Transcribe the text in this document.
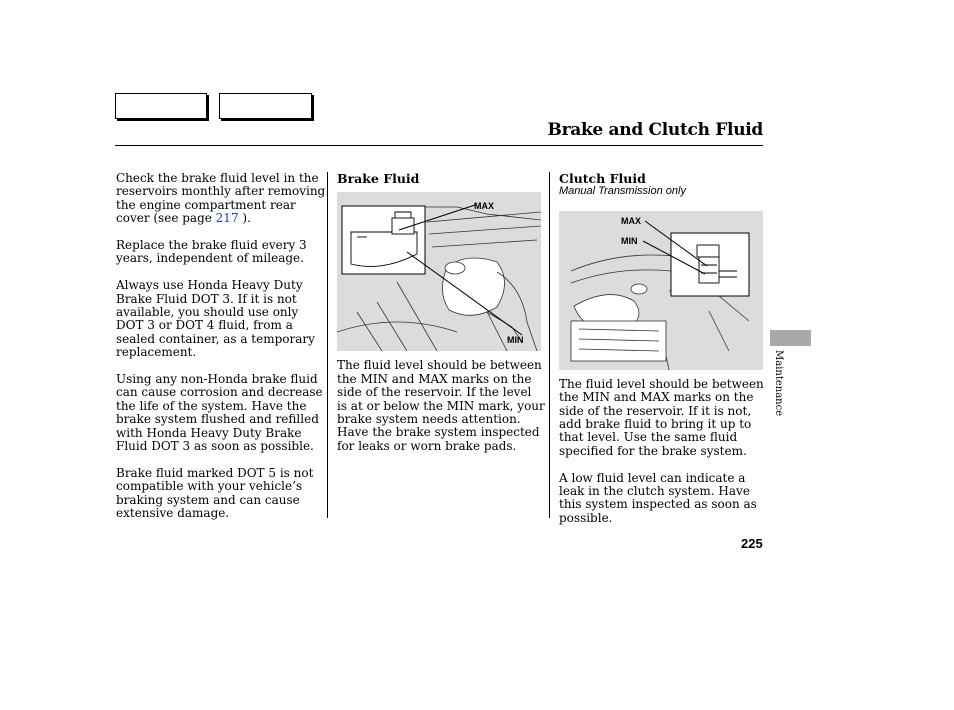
Brake and Clutch Fluid

Check the brake fluid level in the reservoirs monthly after removing the engine compartment rear cover (see page 217 ).

Replace the brake fluid every 3 years, independent of mileage.

Always use Honda Heavy Duty Brake Fluid DOT 3. If it is not available, you should use only DOT 3 or DOT 4 fluid, from a sealed container, as a temporary replacement.

Using any non-Honda brake fluid can cause corrosion and decrease the life of the system. Have the brake system flushed and refilled with Honda Heavy Duty Brake Fluid DOT 3 as soon as possible.

Brake fluid marked DOT 5 is not compatible with your vehicle’s braking system and can cause extensive damage.

Brake Fluid
MAX
MIN

The fluid level should be between the MIN and MAX marks on the side of the reservoir. If the level is at or below the MIN mark, your brake system needs attention. Have the brake system inspected for leaks or worn brake pads.

Clutch Fluid
Manual Transmission only
MAX
MIN

The fluid level should be between the MIN and MAX marks on the side of the reservoir. If it is not, add brake fluid to bring it up to that level. Use the same fluid specified for the brake system.

A low fluid level can indicate a leak in the clutch system. Have this system inspected as soon as possible.

Maintenance
225
